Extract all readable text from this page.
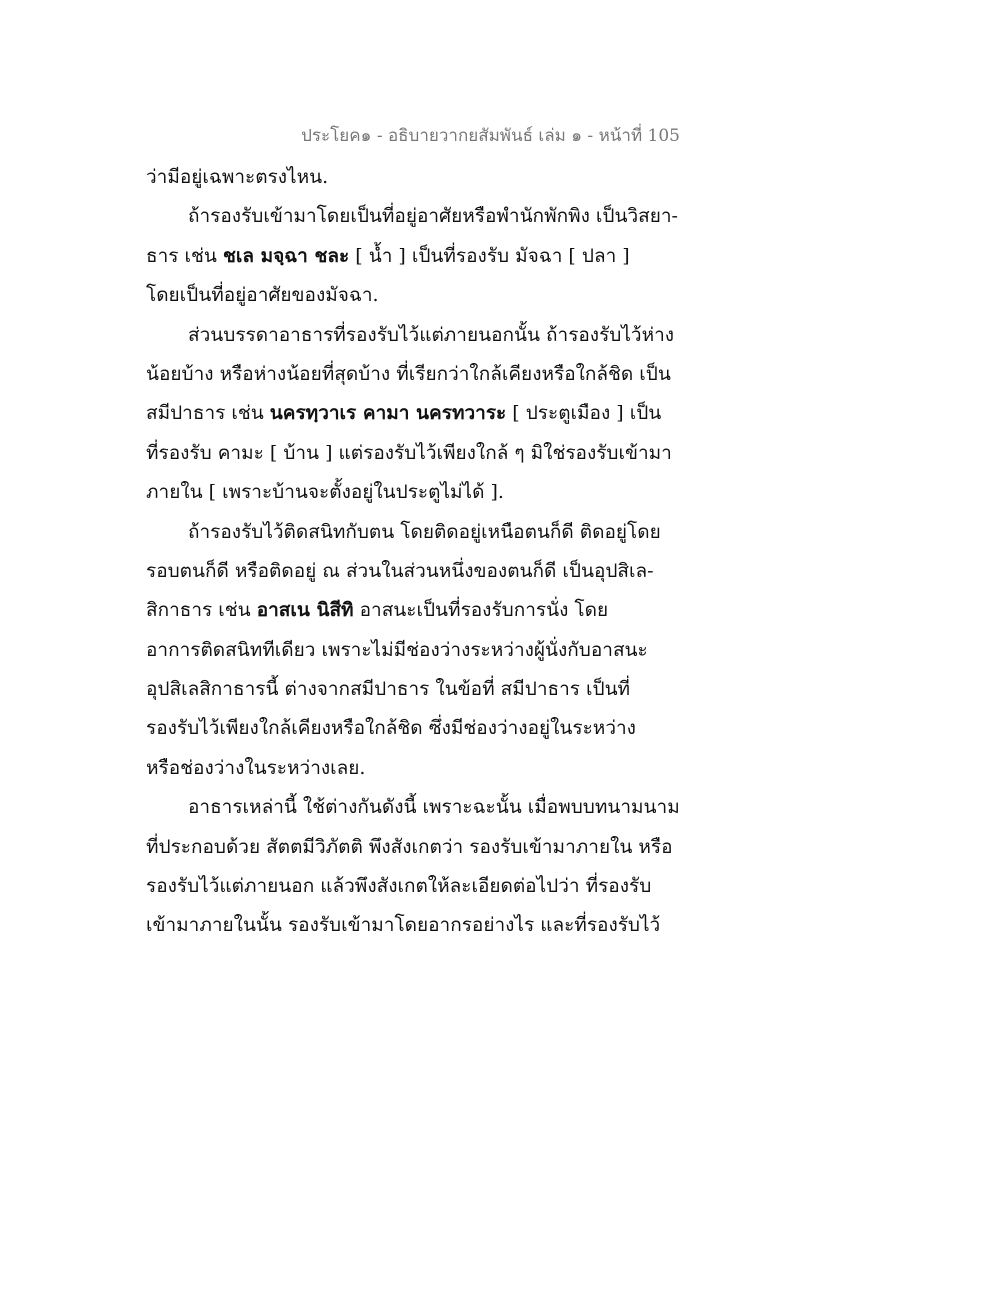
ประโยค๑ - อธิบายวากยสัมพันธ์ เล่ม ๑ - หน้าที่ 105
ว่ามีอยู่เฉพาะตรงไหน.
ถ้ารองรับเข้ามาโดยเป็นที่อยู่อาศัยหรือพำนักพักพิง เป็นวิสยา-
ธาร เช่น ชเล มจฺฉา ชละ [ น้ำ ] เป็นที่รองรับ มัจฉา [ ปลา ]
โดยเป็นที่อยู่อาศัยของมัจฉา.
ส่วนบรรดาอาธารที่รองรับไว้แต่ภายนอกนั้น ถ้ารองรับไว้ห่าง
น้อยบ้าง หรือห่างน้อยที่สุดบ้าง ที่เรียกว่าใกล้เคียงหรือใกล้ชิด เป็น
สมีปาธาร เช่น นครทฺวาเร คามา นครทวาระ [ ประตูเมือง ] เป็น
ที่รองรับ คามะ [ บ้าน ] แต่รองรับไว้เพียงใกล้ ๆ มิใช่รองรับเข้ามา
ภายใน [ เพราะบ้านจะตั้งอยู่ในประตูไม่ได้ ].
ถ้ารองรับไว้ติดสนิทกับตน โดยติดอยู่เหนือตนก็ดี ติดอยู่โดย
รอบตนก็ดี หรือติดอยู่ ณ ส่วนในส่วนหนึ่งของตนก็ดี เป็นอุปสิเล-
สิกาธาร เช่น อาสเน นิสีทิ อาสนะเป็นที่รองรับการนั่ง โดย
อาการติดสนิททีเดียว เพราะไม่มีช่องว่างระหว่างผู้นั่งกับอาสนะ
อุปสิเลสิกาธารนี้ ต่างจากสมีปาธาร ในข้อที่ สมีปาธาร เป็นที่
รองรับไว้เพียงใกล้เคียงหรือใกล้ชิด ซึ่งมีช่องว่างอยู่ในระหว่าง
หรือช่องว่างในระหว่างเลย.
อาธารเหล่านี้ ใช้ต่างกันดังนี้ เพราะฉะนั้น เมื่อพบบทนามนาม
ที่ประกอบด้วย สัตตมีวิภัตติ พึงสังเกตว่า รองรับเข้ามาภายใน หรือ
รองรับไว้แต่ภายนอก แล้วพึงสังเกตให้ละเอียดต่อไปว่า ที่รองรับ
เข้ามาภายในนั้น รองรับเข้ามาโดยอากรอย่างไร และที่รองรับไว้
